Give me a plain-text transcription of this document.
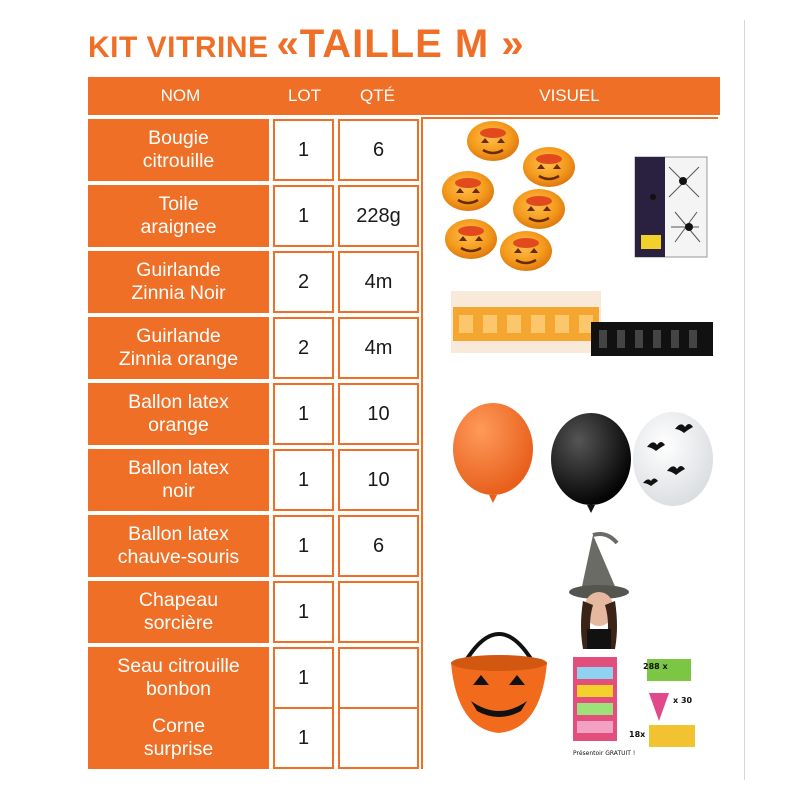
KIT VITRINE «TAILLE M »
NOM	LOT	QTÉ	VISUEL
Bougie
citrouille
1	6
Toile
araignee
1	228g
Guirlande
Zinnia Noir
2	4m
Guirlande
Zinnia orange
2	4m
Ballon latex
orange
1	10
Ballon latex
noir
1	10
Ballon latex
chauve-souris
1	6
Chapeau
sorcière
1
Seau citrouille
bonbon
1
Corne
surprise
1
288 x
x 30
18x
Présentoir GRATUIT !
